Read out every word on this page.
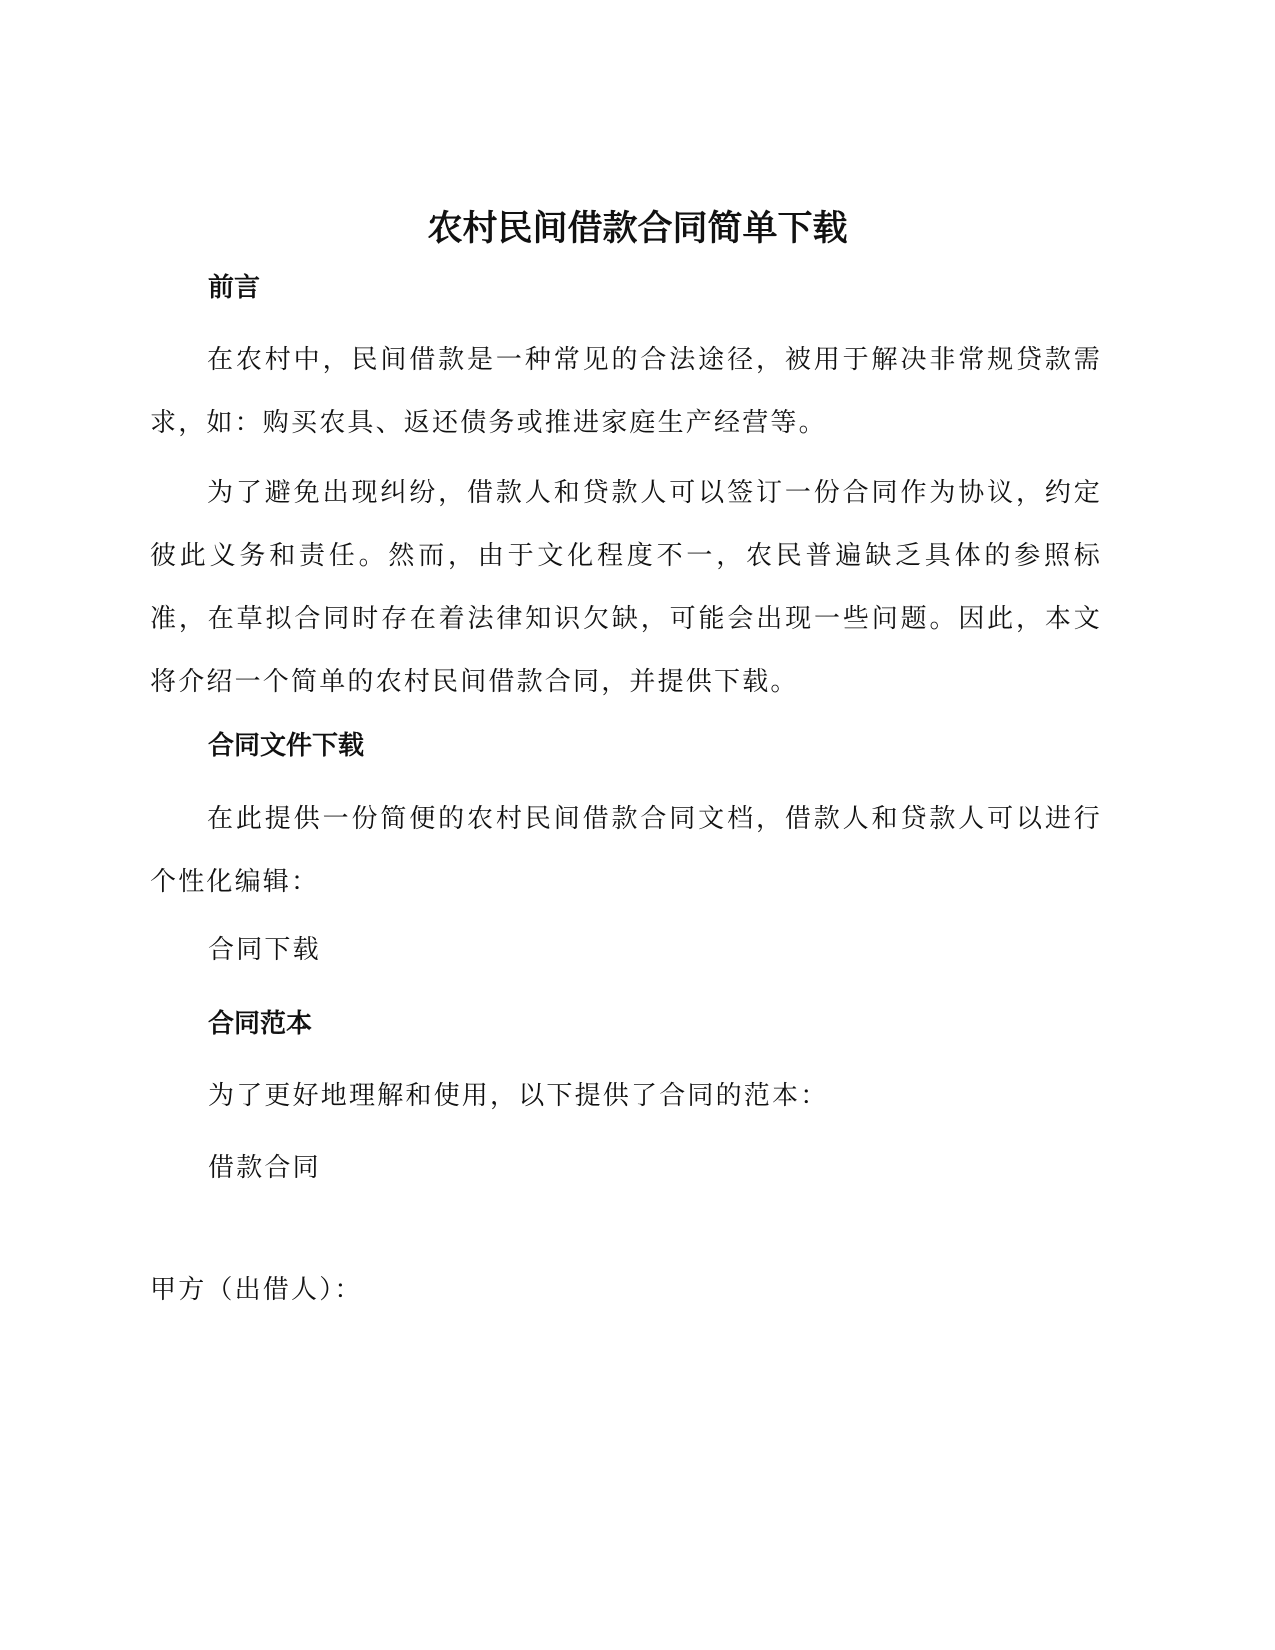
农村民间借款合同简单下载
前言

在农村中，民间借款是一种常见的合法途径，被用于解决非常规贷款需求，如：购买农具、返还债务或推进家庭生产经营等。

为了避免出现纠纷，借款人和贷款人可以签订一份合同作为协议，约定彼此义务和责任。然而，由于文化程度不一，农民普遍缺乏具体的参照标准，在草拟合同时存在着法律知识欠缺，可能会出现一些问题。因此，本文将介绍一个简单的农村民间借款合同，并提供下载。

合同文件下载

在此提供一份简便的农村民间借款合同文档，借款人和贷款人可以进行个性化编辑：

合同下载

合同范本

为了更好地理解和使用，以下提供了合同的范本：

借款合同

甲方（出借人）：
